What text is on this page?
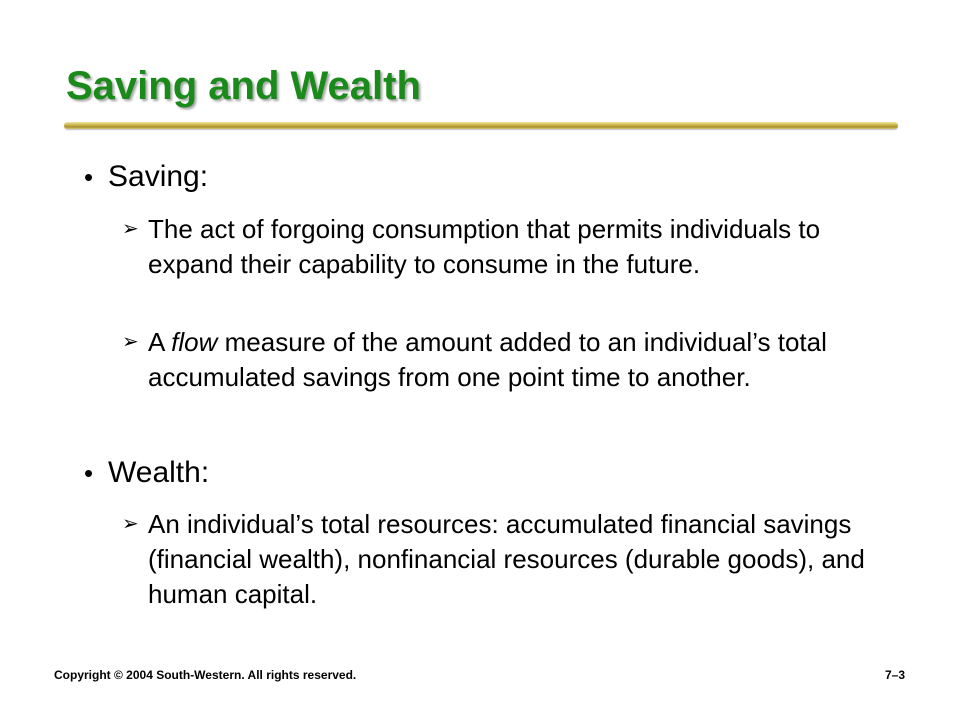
Saving and Wealth
• Saving:
➢ The act of forgoing consumption that permits individuals to expand their capability to consume in the future.
➢ A flow measure of the amount added to an individual’s total accumulated savings from one point time to another.
• Wealth:
➢ An individual’s total resources: accumulated financial savings (financial wealth), nonfinancial resources (durable goods), and human capital.
Copyright © 2004 South-Western. All rights reserved.	7–3
